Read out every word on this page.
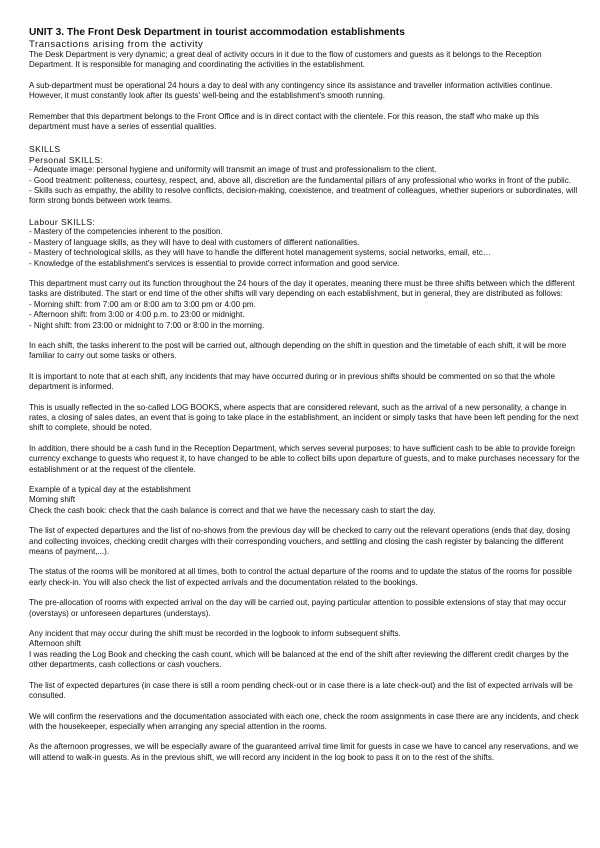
UNIT 3. The Front Desk Department in tourist accommodation establishments

Transactions arising from the activity

The Desk Department is very dynamic; a great deal of activity occurs in it due to the flow of customers and guests as it belongs to the Reception Department. It is responsible for managing and coordinating the activities in the establishment.

A sub-department must be operational 24 hours a day to deal with any contingency since its assistance and traveller information activities continue. However, it must constantly look after its guests' well-being and the establishment's smooth running.

Remember that this department belongs to the Front Office and is in direct contact with the clientele. For this reason, the staff who make up this department must have a series of essential qualities.

SKILLS

Personal SKILLS:

- Adequate image: personal hygiene and uniformity will transmit an image of trust and professionalism to the client.

- Good treatment: politeness, courtesy, respect, and, above all, discretion are the fundamental pillars of any professional who works in front of the public.

- Skills such as empathy, the ability to resolve conflicts, decision-making, coexistence, and treatment of colleagues, whether superiors or subordinates, will form strong bonds between work teams.

Labour SKILLS:

- Mastery of the competencies inherent to the position.

- Mastery of language skills, as they will have to deal with customers of different nationalities.

- Mastery of technological skills, as they will have to handle the different hotel management systems, social networks, email, etc…

- Knowledge of the establishment's services is essential to provide correct information and good service.

This department must carry out its function throughout the 24 hours of the day it operates, meaning there must be three shifts between which the different tasks are distributed. The start or end time of the other shifts will vary depending on each establishment, but in general, they are distributed as follows:

- Morning shift: from 7:00 am or 8:00 am to 3:00 pm or 4:00 pm.

- Afternoon shift: from 3:00 or 4:00 p.m. to 23:00 or midnight.

- Night shift: from 23:00 or midnight to 7:00 or 8:00 in the morning.

In each shift, the tasks inherent to the post will be carried out, although depending on the shift in question and the timetable of each shift, it will be more familiar to carry out some tasks or others.

It is important to note that at each shift, any incidents that may have occurred during or in previous shifts should be commented on so that the whole department is informed.

This is usually reflected in the so-called LOG BOOKS, where aspects that are considered relevant, such as the arrival of a new personality, a change in rates, a closing of sales dates, an event that is going to take place in the establishment, an incident or simply tasks that have been left pending for the next shift to complete, should be noted.

In addition, there should be a cash fund in the Reception Department, which serves several purposes: to have sufficient cash to be able to provide foreign currency exchange to guests who request it, to have changed to be able to collect bills upon departure of guests, and to make purchases necessary for the establishment or at the request of the clientele.

Example of a typical day at the establishment

Morning shift

Check the cash book: check that the cash balance is correct and that we have the necessary cash to start the day.

The list of expected departures and the list of no-shows from the previous day will be checked to carry out the relevant operations (ends that day, dosing and collecting invoices, checking credit charges with their corresponding vouchers, and settling and closing the cash register by balancing the different means of payment,...).

The status of the rooms will be monitored at all times, both to control the actual departure of the rooms and to update the status of the rooms for possible early check-in. You will also check the list of expected arrivals and the documentation related to the bookings.

The pre-allocation of rooms with expected arrival on the day will be carried out, paying particular attention to possible extensions of stay that may occur (overstays) or unforeseen departures (understays).

Any incident that may occur during the shift must be recorded in the logbook to inform subsequent shifts.

Afternoon shift

I was reading the Log Book and checking the cash count, which will be balanced at the end of the shift after reviewing the different credit charges by the other departments, cash collections or cash vouchers.

The list of expected departures (in case there is still a room pending check-out or in case there is a late check-out) and the list of expected arrivals will be consulted.

We will confirm the reservations and the documentation associated with each one, check the room assignments in case there are any incidents, and check with the housekeeper, especially when arranging any special attention in the rooms.

As the afternoon progresses, we will be especially aware of the guaranteed arrival time limit for guests in case we have to cancel any reservations, and we will attend to walk-in guests. As in the previous shift, we will record any incident in the log book to pass it on to the rest of the shifts.
